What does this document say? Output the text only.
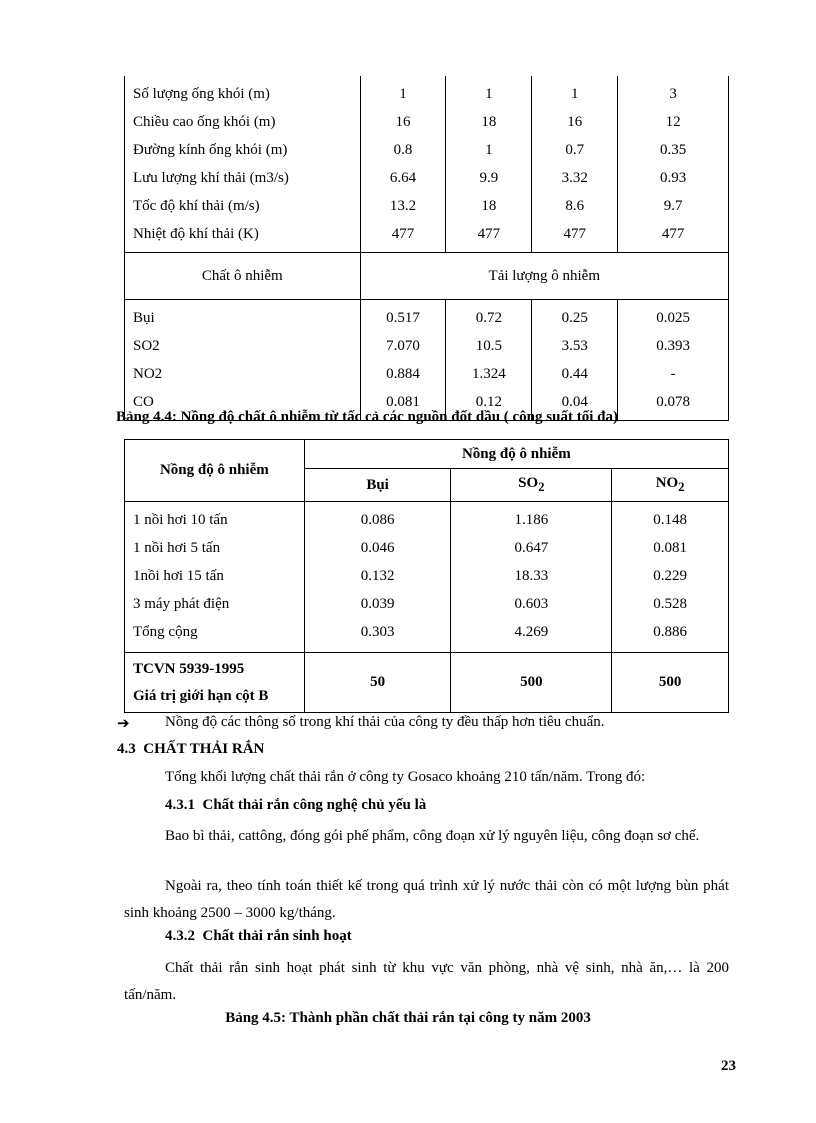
Số lượng ống khói (m)	1	1	1	3
Chiều cao ống khói (m)	16	18	16	12
Đường kính ống khói (m)	0.8	1	0.7	0.35
Lưu lượng khí thải (m3/s)	6.64	9.9	3.32	0.93
Tốc độ khí thải (m/s)	13.2	18	8.6	9.7
Nhiệt độ khí thải (K)	477	477	477	477
Chất ô nhiễm	Tải lượng ô nhiễm			
Bụi	0.517	0.72	0.25	0.025
SO2	7.070	10.5	3.53	0.393
NO2	0.884	1.324	0.44	-
CO	0.081	0.12	0.04	0.078
Bảng 4.4: Nồng độ chất ô nhiễm từ tấc cả các nguồn đốt dầu ( công suất tối đa)
Nồng độ ô nhiễm	Nồng độ ô nhiễm		
	Bụi	$SO_2$	$NO_2$
1 nồi hơi 10 tấn	0.086	1.186	0.148
1 nồi hơi 5 tấn	0.046	0.647	0.081
1nồi hơi 15 tấn	0.132	18.33	0.229
3 máy phát điện	0.039	0.603	0.528
Tổng cộng	0.303	4.269	0.886

TCVN 5939-1995
Giá trị giới hạn cột B	50	500	500
➔ Nồng độ các thông số trong khí thải của công ty đều thấp hơn tiêu chuẩn.
4.3 CHẤT THẢI RẮN
Tổng khối lượng chất thải rắn ở công ty Gosaco khoảng 210 tấn/năm. Trong đó:
4.3.1 Chất thải rắn công nghệ chủ yếu là
Bao bì thải, cattông, đóng gói phế phẩm, công đoạn xử lý nguyên liệu, công đoạn sơ chế.
Ngoài ra, theo tính toán thiết kế trong quá trình xử lý nước thải còn có một lượng bùn phát sinh khoảng 2500 – 3000 kg/tháng.
4.3.2 Chất thải rắn sinh hoạt
Chất thải rắn sinh hoạt phát sinh từ khu vực văn phòng, nhà vệ sinh, nhà ăn,… là 200 tấn/năm.
Bảng 4.5: Thành phần chất thải rắn tại công ty năm 2003
23
